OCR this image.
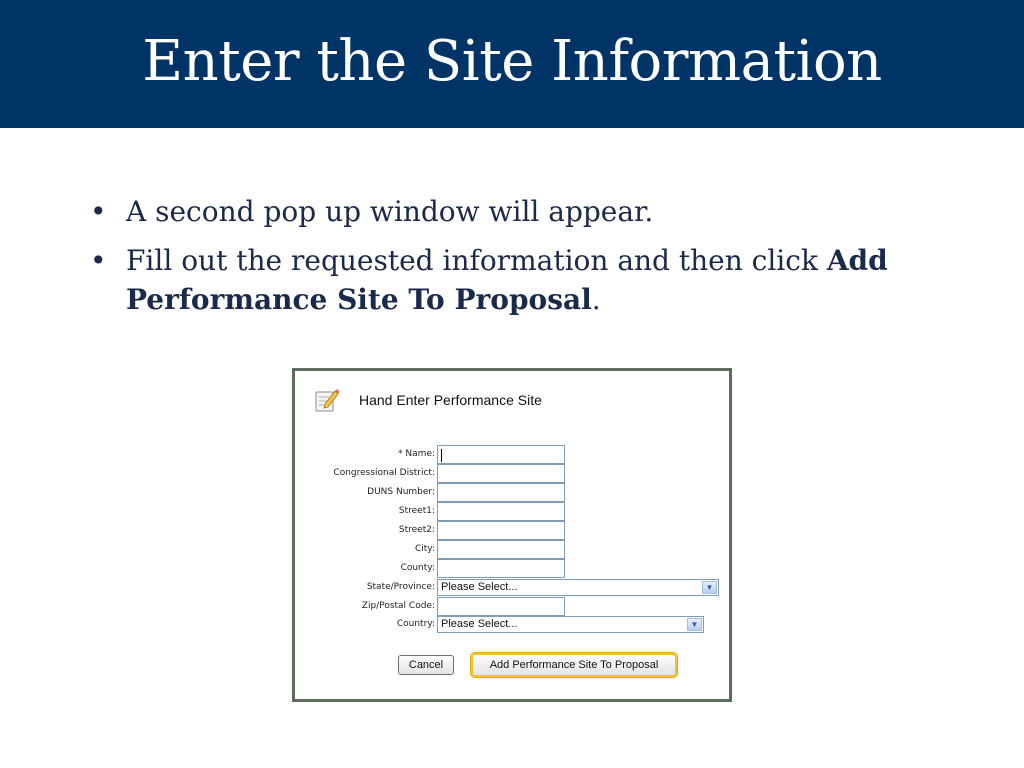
Enter the Site Information
• A second pop up window will appear.
• Fill out the requested information and then click Add Performance Site To Proposal.
Hand Enter Performance Site
* Name:
Congressional District:
DUNS Number:
Street1:
Street2:
City:
County:
State/Province: Please Select...	▼
Zip/Postal Code:
Country: Please Select...	▼
Cancel	Add Performance Site To Proposal
